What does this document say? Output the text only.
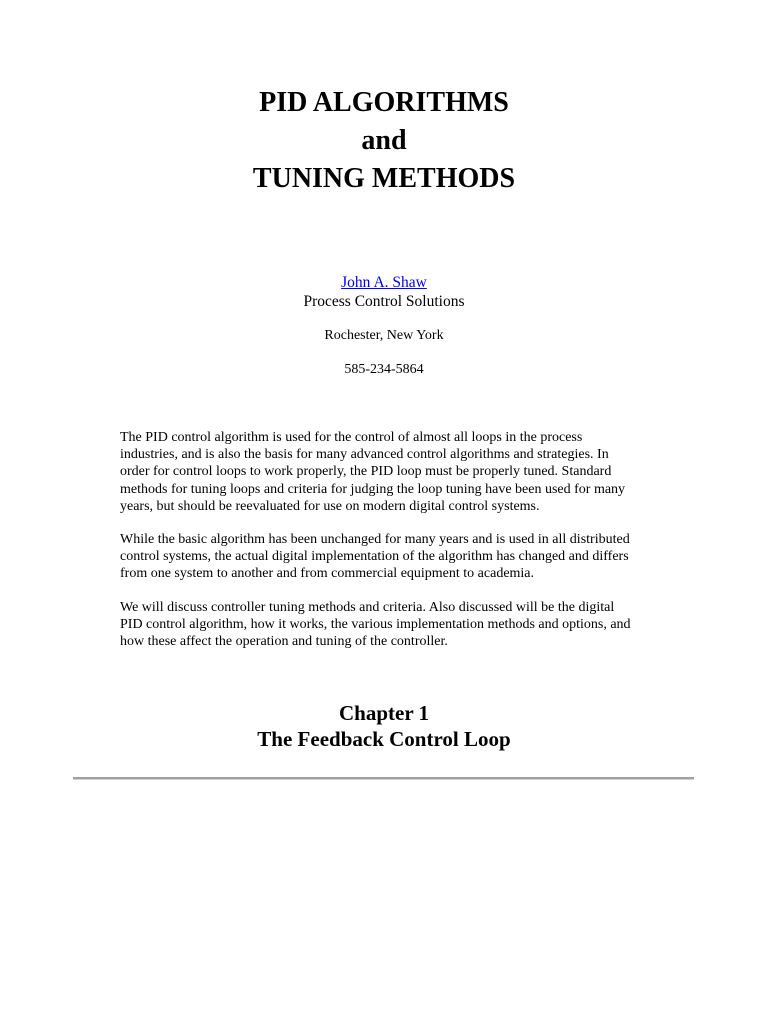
PID ALGORITHMS
and
TUNING METHODS
John A. Shaw
Process Control Solutions
Rochester, New York
585-234-5864

The PID control algorithm is used for the control of almost all loops in the process
industries, and is also the basis for many advanced control algorithms and strategies. In
order for control loops to work properly, the PID loop must be properly tuned. Standard
methods for tuning loops and criteria for judging the loop tuning have been used for many
years, but should be reevaluated for use on modern digital control systems.

While the basic algorithm has been unchanged for many years and is used in all distributed
control systems, the actual digital implementation of the algorithm has changed and differs
from one system to another and from commercial equipment to academia.

We will discuss controller tuning methods and criteria. Also discussed will be the digital
PID control algorithm, how it works, the various implementation methods and options, and
how these affect the operation and tuning of the controller.

Chapter 1
The Feedback Control Loop
